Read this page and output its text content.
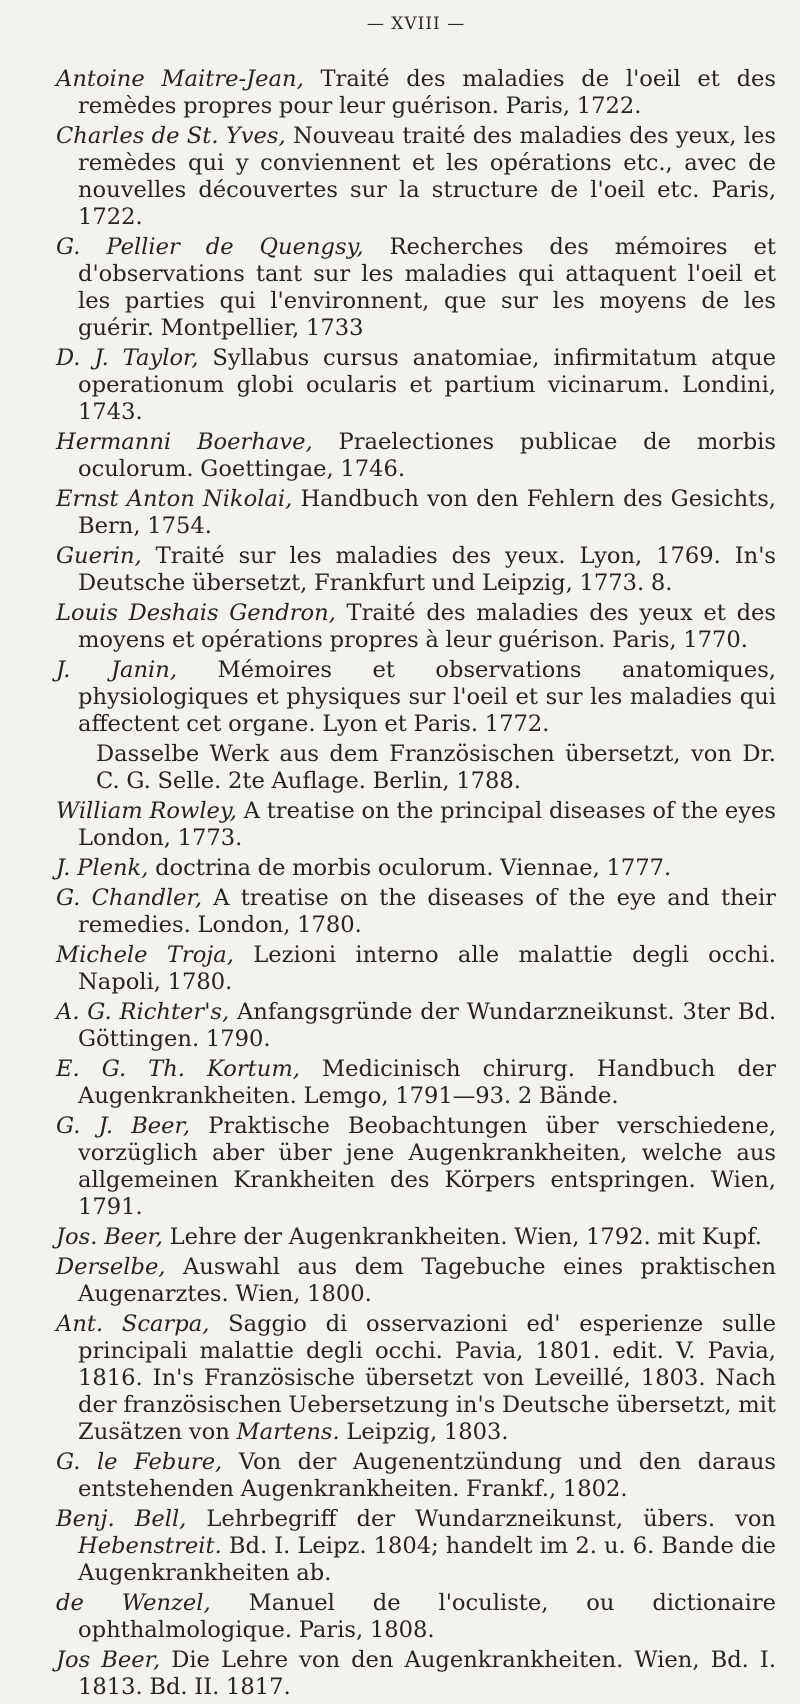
— XVIII —

Antoine Maitre-Jean, Traité des maladies de l'oeil et des remèdes propres pour leur guérison. Paris, 1722.

Charles de St. Yves, Nouveau traité des maladies des yeux, les remèdes qui y conviennent et les opérations etc., avec de nouvelles découvertes sur la structure de l'oeil etc. Paris, 1722.

G. Pellier de Quengsy, Recherches des mémoires et d'observations tant sur les maladies qui attaquent l'oeil et les parties qui l'environnent, que sur les moyens de les guérir. Montpellier, 1733

D. J. Taylor, Syllabus cursus anatomiae, infirmitatum atque operationum globi ocularis et partium vicinarum. Londini, 1743.

Hermanni Boerhave, Praelectiones publicae de morbis oculorum. Goettingae, 1746.

Ernst Anton Nikolai, Handbuch von den Fehlern des Gesichts, Bern, 1754.

Guerin, Traité sur les maladies des yeux. Lyon, 1769. In's Deutsche übersetzt, Frankfurt und Leipzig, 1773. 8.

Louis Deshais Gendron, Traité des maladies des yeux et des moyens et opérations propres à leur guérison. Paris, 1770.

J. Janin, Mémoires et observations anatomiques, physiologiques et physiques sur l'oeil et sur les maladies qui affectent cet organe. Lyon et Paris. 1772.

Dasselbe Werk aus dem Französischen übersetzt, von Dr. C. G. Selle. 2te Auflage. Berlin, 1788.

William Rowley, A treatise on the principal diseases of the eyes London, 1773.

J. Plenk, doctrina de morbis oculorum. Viennae, 1777.

G. Chandler, A treatise on the diseases of the eye and their remedies. London, 1780.

Michele Troja, Lezioni interno alle malattie degli occhi. Napoli, 1780.

A. G. Richter's, Anfangsgründe der Wundarzneikunst. 3ter Bd. Göttingen. 1790.

E. G. Th. Kortum, Medicinisch chirurg. Handbuch der Augenkrankheiten. Lemgo, 1791—93. 2 Bände.

G. J. Beer, Praktische Beobachtungen über verschiedene, vorzüglich aber über jene Augenkrankheiten, welche aus allgemeinen Krankheiten des Körpers entspringen. Wien, 1791.

Jos. Beer, Lehre der Augenkrankheiten. Wien, 1792. mit Kupf.

Derselbe, Auswahl aus dem Tagebuche eines praktischen Augenarztes. Wien, 1800.

Ant. Scarpa, Saggio di osservazioni ed' esperienze sulle principali malattie degli occhi. Pavia, 1801. edit. V. Pavia, 1816. In's Französische übersetzt von Leveillé, 1803. Nach der französischen Uebersetzung in's Deutsche übersetzt, mit Zusätzen von Martens. Leipzig, 1803.

G. le Febure, Von der Augenentzündung und den daraus entstehenden Augenkrankheiten. Frankf., 1802.

Benj. Bell, Lehrbegriff der Wundarzneikunst, übers. von Hebenstreit. Bd. I. Leipz. 1804; handelt im 2. u. 6. Bande die Augenkrankheiten ab.

de Wenzel, Manuel de l'oculiste, ou dictionaire ophthalmologique. Paris, 1808.

Jos Beer, Die Lehre von den Augenkrankheiten. Wien, Bd. I. 1813. Bd. II. 1817.
